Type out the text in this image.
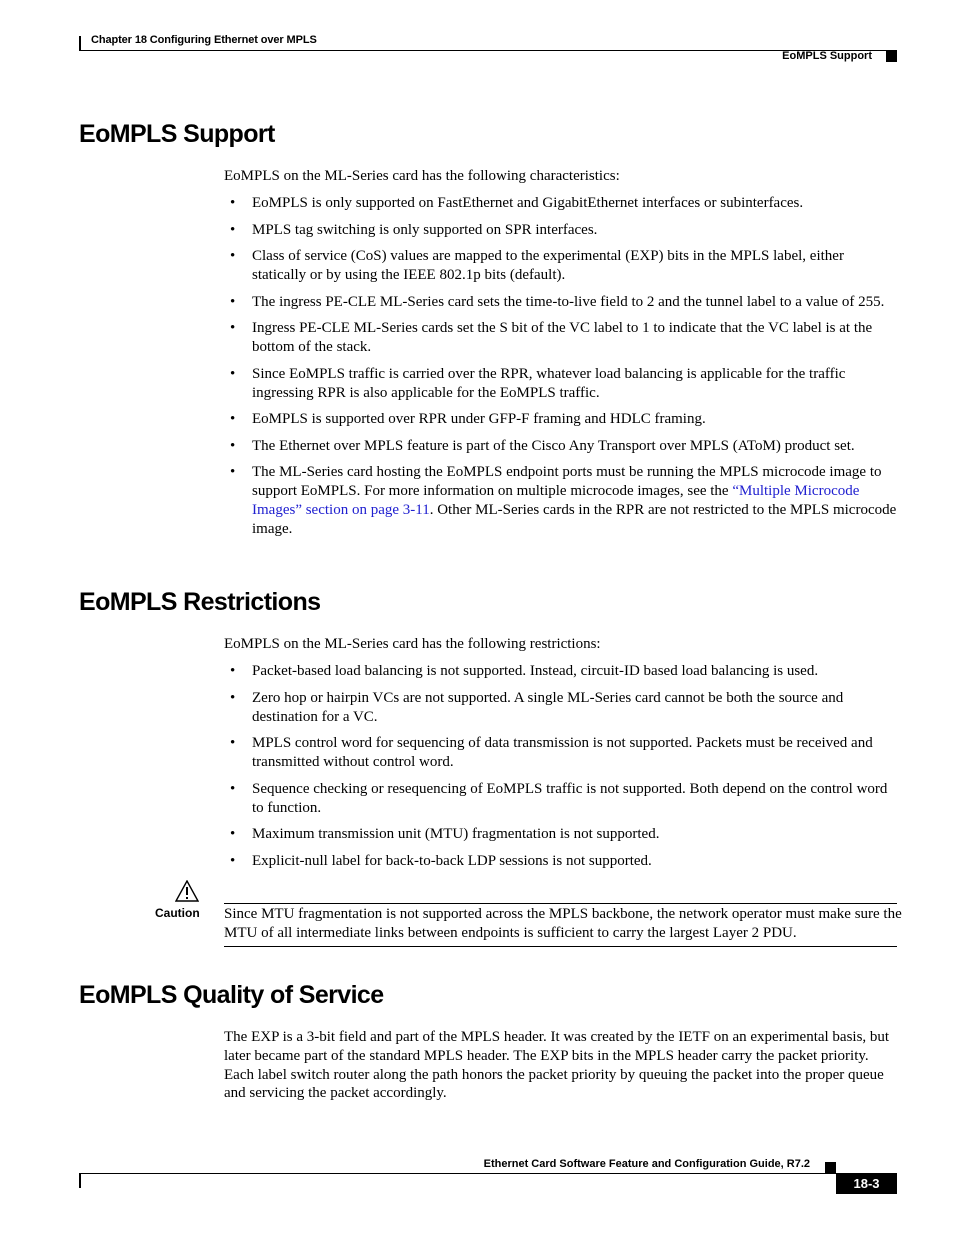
Chapter 18 Configuring Ethernet over MPLS
EoMPLS Support
EoMPLS Support

EoMPLS on the ML-Series card has the following characteristics:

• EoMPLS is only supported on FastEthernet and GigabitEthernet interfaces or subinterfaces.
• MPLS tag switching is only supported on SPR interfaces.
• Class of service (CoS) values are mapped to the experimental (EXP) bits in the MPLS label, either statically or by using the IEEE 802.1p bits (default).
• The ingress PE-CLE ML-Series card sets the time-to-live field to 2 and the tunnel label to a value of 255.
• Ingress PE-CLE ML-Series cards set the S bit of the VC label to 1 to indicate that the VC label is at the bottom of the stack.
• Since EoMPLS traffic is carried over the RPR, whatever load balancing is applicable for the traffic ingressing RPR is also applicable for the EoMPLS traffic.
• EoMPLS is supported over RPR under GFP-F framing and HDLC framing.
• The Ethernet over MPLS feature is part of the Cisco Any Transport over MPLS (AToM) product set.
• The ML-Series card hosting the EoMPLS endpoint ports must be running the MPLS microcode image to support EoMPLS. For more information on multiple microcode images, see the “Multiple Microcode Images” section on page 3-11. Other ML-Series cards in the RPR are not restricted to the MPLS microcode image.
EoMPLS Restrictions

EoMPLS on the ML-Series card has the following restrictions:

• Packet-based load balancing is not supported. Instead, circuit-ID based load balancing is used.
• Zero hop or hairpin VCs are not supported. A single ML-Series card cannot be both the source and destination for a VC.
• MPLS control word for sequencing of data transmission is not supported. Packets must be received and transmitted without control word.
• Sequence checking or resequencing of EoMPLS traffic is not supported. Both depend on the control word to function.
• Maximum transmission unit (MTU) fragmentation is not supported.
• Explicit-null label for back-to-back LDP sessions is not supported.
Caution Since MTU fragmentation is not supported across the MPLS backbone, the network operator must make sure the MTU of all intermediate links between endpoints is sufficient to carry the largest Layer 2 PDU.

EoMPLS Quality of Service

The EXP is a 3-bit field and part of the MPLS header. It was created by the IETF on an experimental basis, but later became part of the standard MPLS header. The EXP bits in the MPLS header carry the packet priority. Each label switch router along the path honors the packet priority by queuing the packet into the proper queue and servicing the packet accordingly.

Ethernet Card Software Feature and Configuration Guide, R7.2
18-3
